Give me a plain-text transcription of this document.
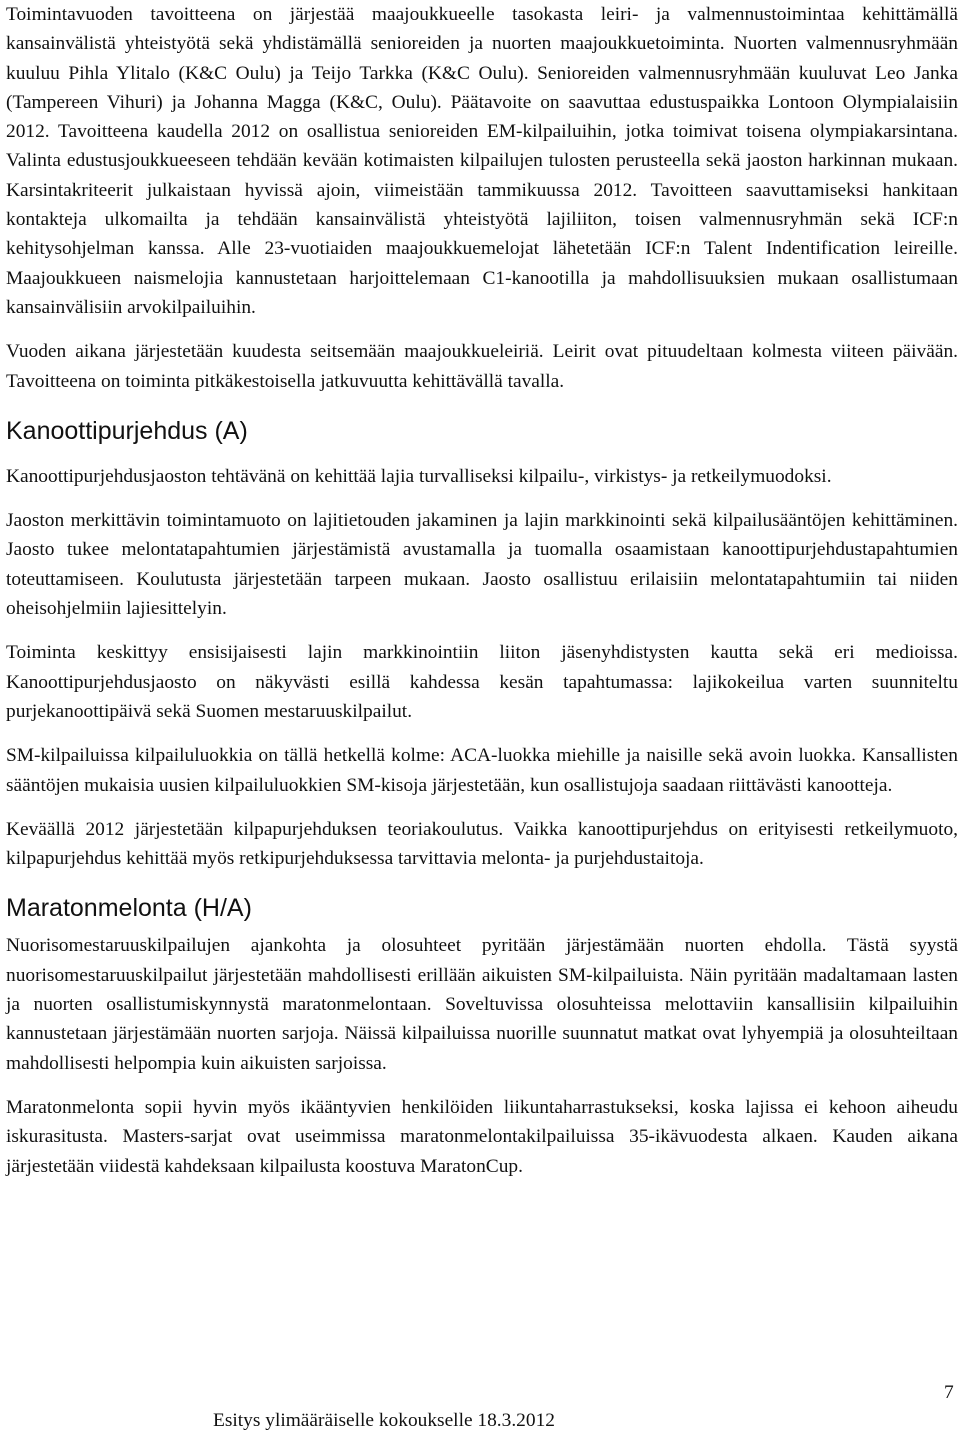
Toimintavuoden tavoitteena on järjestää maajoukkueelle tasokasta leiri- ja valmennustoimintaa kehittämällä kansainvälistä yhteistyötä sekä yhdistämällä senioreiden ja nuorten maajoukkuetoiminta. Nuorten valmennusryhmään kuuluu Pihla Ylitalo (K&C Oulu) ja Teijo Tarkka (K&C Oulu). Senioreiden valmennusryhmään kuuluvat Leo Janka (Tampereen Vihuri) ja Johanna Magga (K&C, Oulu). Päätavoite on saavuttaa edustuspaikka Lontoon Olympialaisiin 2012. Tavoitteena kaudella 2012 on osallistua senioreiden EM-kilpailuihin, jotka toimivat toisena olympiakarsintana. Valinta edustusjoukkueeseen tehdään kevään kotimaisten kilpailujen tulosten perusteella sekä jaoston harkinnan mukaan. Karsintakriteerit julkaistaan hyvissä ajoin, viimeistään tammikuussa 2012. Tavoitteen saavuttamiseksi hankitaan kontakteja ulkomailta ja tehdään kansainvälistä yhteistyötä lajiliiton, toisen valmennusryhmän sekä ICF:n kehitysohjelman kanssa. Alle 23-vuotiaiden maajoukkuemelojat lähetetään ICF:n Talent Indentification leireille. Maajoukkueen naismelojia kannustetaan harjoittelemaan C1-kanootilla ja mahdollisuuksien mukaan osallistumaan kansainvälisiin arvokilpailuihin.

Vuoden aikana järjestetään kuudesta seitsemään maajoukkueleiriä. Leirit ovat pituudeltaan kolmesta viiteen päivään. Tavoitteena on toiminta pitkäkestoisella jatkuvuutta kehittävällä tavalla.

Kanoottipurjehdus (A)

Kanoottipurjehdusjaoston tehtävänä on kehittää lajia turvalliseksi kilpailu-, virkistys- ja retkeilymuodoksi.

Jaoston merkittävin toimintamuoto on lajitietouden jakaminen ja lajin markkinointi sekä kilpailusääntöjen kehittäminen. Jaosto tukee melontatapahtumien järjestämistä avustamalla ja tuomalla osaamistaan kanoottipurjehdustapahtumien toteuttamiseen. Koulutusta järjestetään tarpeen mukaan. Jaosto osallistuu erilaisiin melontatapahtumiin tai niiden oheisohjelmiin lajiesittelyin.

Toiminta keskittyy ensisijaisesti lajin markkinointiin liiton jäsenyhdistysten kautta sekä eri medioissa. Kanoottipurjehdusjaosto on näkyvästi esillä kahdessa kesän tapahtumassa: lajikokeilua varten suunniteltu purjekanoottipäivä sekä Suomen mestaruuskilpailut.

SM-kilpailuissa kilpailuluokkia on tällä hetkellä kolme: ACA-luokka miehille ja naisille sekä avoin luokka. Kansallisten sääntöjen mukaisia uusien kilpailuluokkien SM-kisoja järjestetään, kun osallistujoja saadaan riittävästi kanootteja.

Keväällä 2012 järjestetään kilpapurjehduksen teoriakoulutus. Vaikka kanoottipurjehdus on erityisesti retkeilymuoto, kilpapurjehdus kehittää myös retkipurjehduksessa tarvittavia melonta- ja purjehdustaitoja.

Maratonmelonta (H/A)

Nuorisomestaruuskilpailujen ajankohta ja olosuhteet pyritään järjestämään nuorten ehdolla. Tästä syystä nuorisomestaruuskilpailut järjestetään mahdollisesti erillään aikuisten SM-kilpailuista. Näin pyritään madaltamaan lasten ja nuorten osallistumiskynnystä maratonmelontaan. Soveltuvissa olosuhteissa melottaviin kansallisiin kilpailuihin kannustetaan järjestämään nuorten sarjoja. Näissä kilpailuissa nuorille suunnatut matkat ovat lyhyempiä ja olosuhteiltaan mahdollisesti helpompia kuin aikuisten sarjoissa.

Maratonmelonta sopii hyvin myös ikääntyvien henkilöiden liikuntaharrastukseksi, koska lajissa ei kehoon aiheudu iskurasitusta. Masters-sarjat ovat useimmissa maratonmelontakilpailuissa 35-ikävuodesta alkaen. Kauden aikana järjestetään viidestä kahdeksaan kilpailusta koostuva MaratonCup.

7
Esitys ylimääräiselle kokoukselle 18.3.2012
